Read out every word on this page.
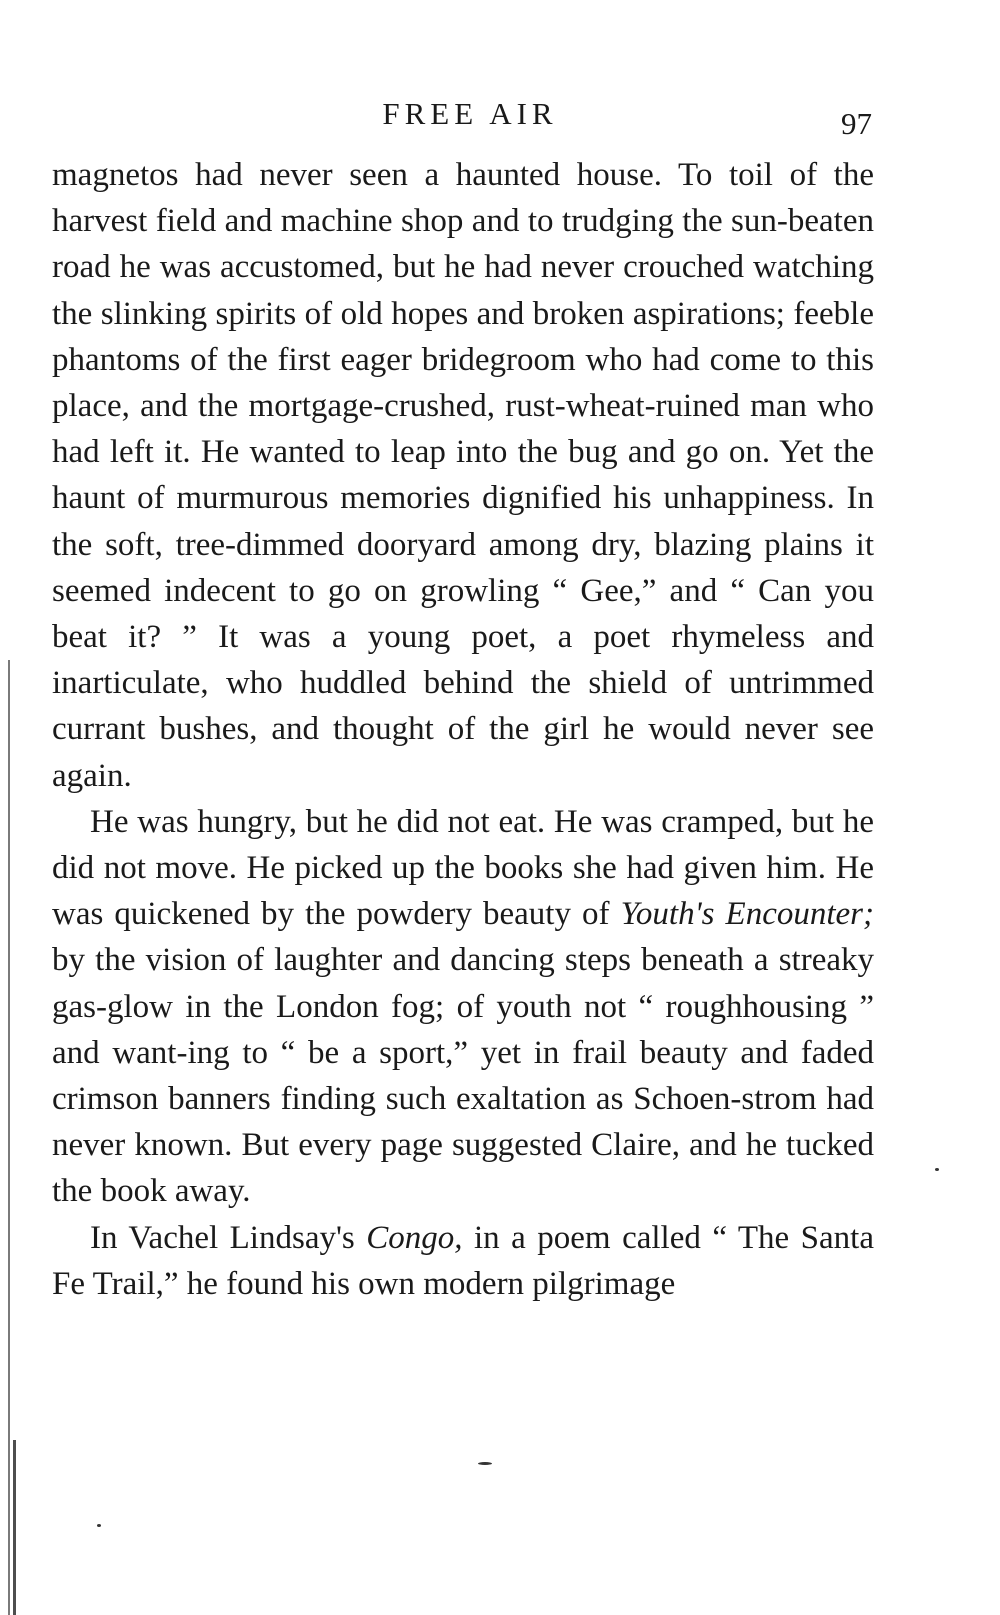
FREE AIR	97

magnetos had never seen a haunted house. To toil of the harvest field and machine shop and to trudging the sun-beaten road he was accustomed, but he had never crouched watching the slinking spirits of old hopes and broken aspirations; feeble phantoms of the first eager bridegroom who had come to this place, and the mortgage-crushed, rust-wheat-ruined man who had left it. He wanted to leap into the bug and go on. Yet the haunt of murmurous memories dignified his unhappiness. In the soft, tree-dimmed dooryard among dry, blazing plains it seemed indecent to go on growling “ Gee,” and “ Can you beat it? ” It was a young poet, a poet rhymeless and inarticulate, who huddled behind the shield of untrimmed currant bushes, and thought of the girl he would never see again.

He was hungry, but he did not eat. He was cramped, but he did not move. He picked up the books she had given him. He was quickened by the powdery beauty of Youth's Encounter; by the vision of laughter and dancing steps beneath a streaky gas-glow in the London fog; of youth not “ roughhousing ” and want-ing to “ be a sport,” yet in frail beauty and faded crimson banners finding such exaltation as Schoen-strom had never known. But every page suggested Claire, and he tucked the book away.

In Vachel Lindsay's Congo, in a poem called “ The Santa Fe Trail,” he found his own modern pilgrimage
